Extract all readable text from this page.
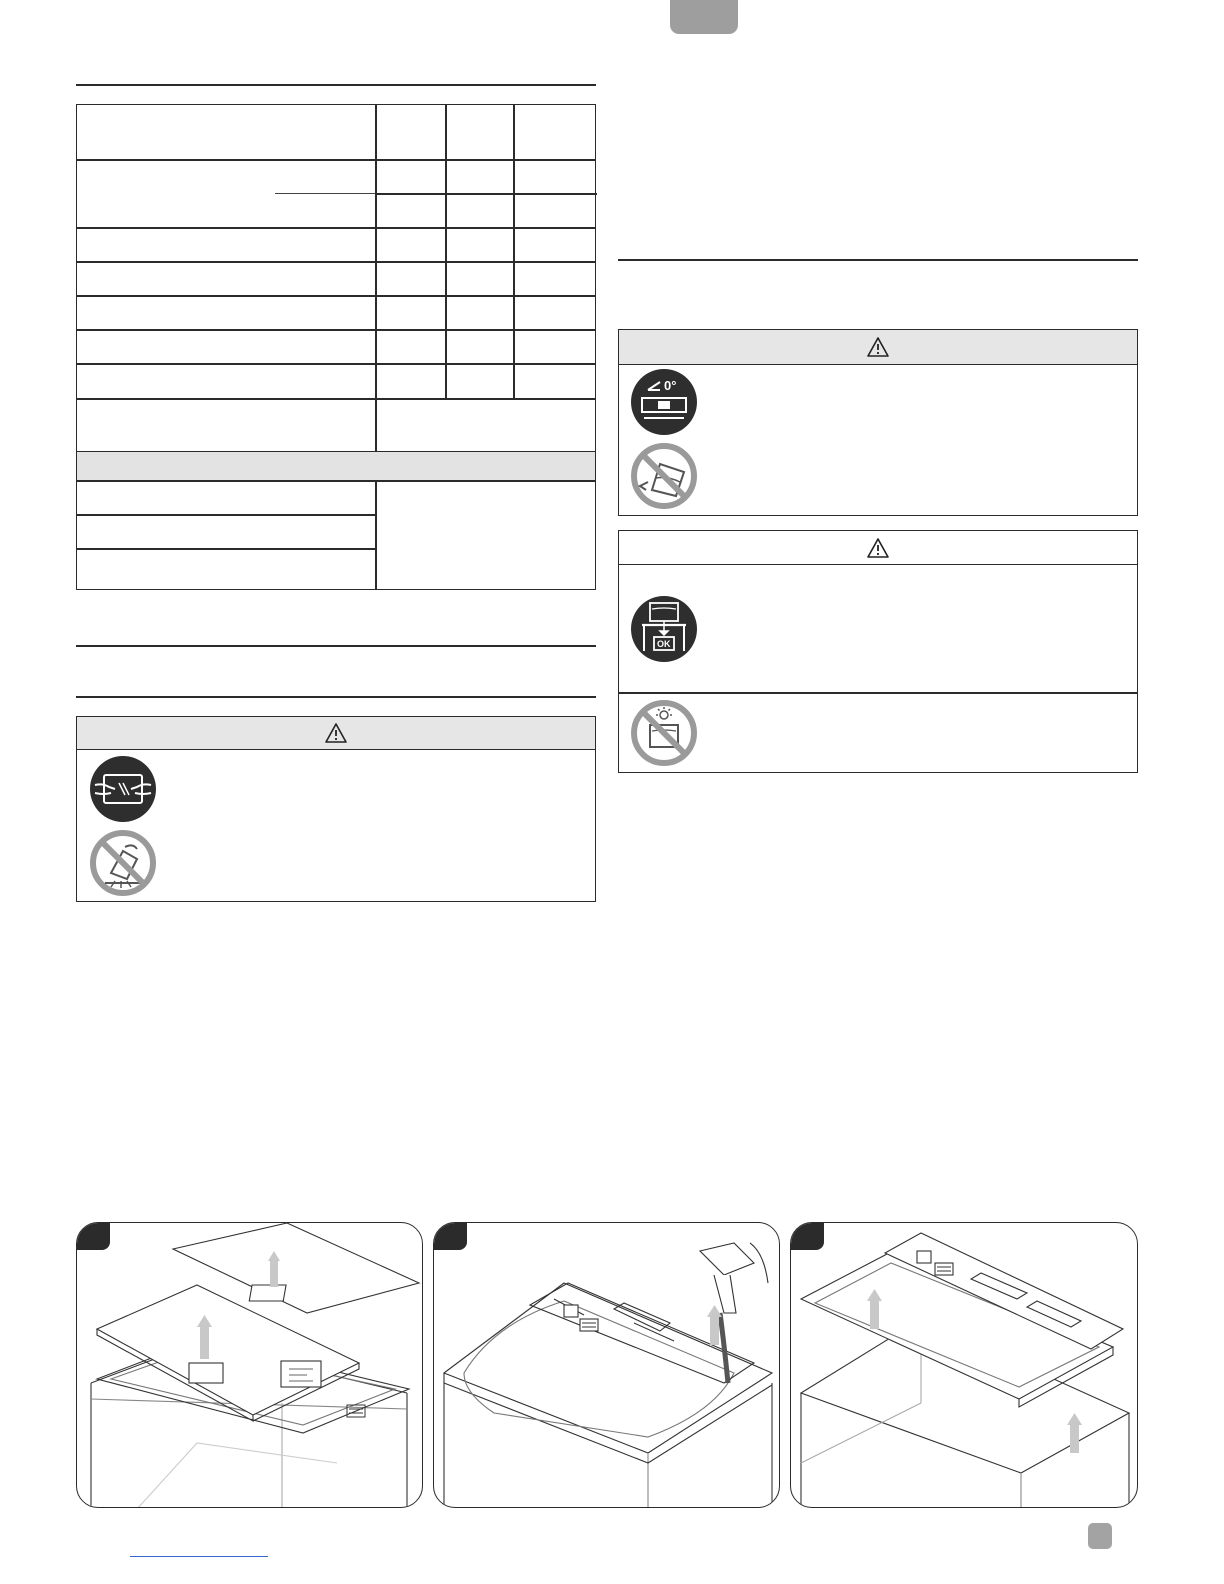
0°
OK
